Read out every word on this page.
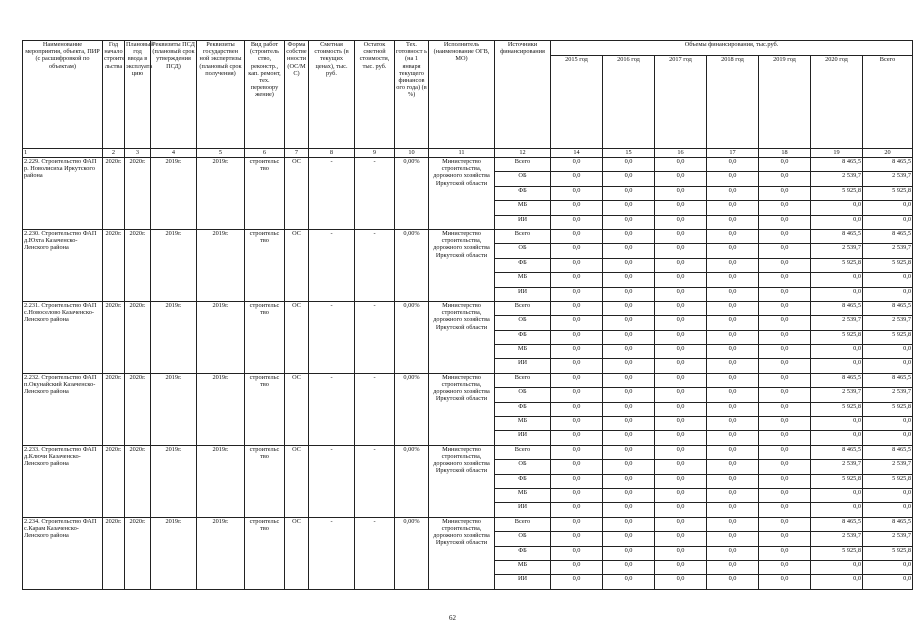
Наименование мероприятия, объекта, ПИР (с расшифровкой по объектам)	Год начало строите льства	Плановый год ввода в эксплуата цию	Реквизиты ПСД (плановый срок утверждения ПСД)	Реквизиты государствен ной экспертизы (плановый срок получения)	Вид работ (строитель ство, реконстр., кап. ремонт, тех. перевоору жение)	Форма собстве нности (ОС/М С)	Сметная стоимость (в текущих ценах), тыс. руб.	Остаток сметной стоимости, тыс. руб.	Тех. готовност ь (на 1 января текущего финансов ого года) (в %)	Исполнитель (наименование ОГВ, МО)	Источники финансирования	Объемы финансирования, тыс.руб.						
												2015 год	2016 год	2017 год	2018 год	2019 год	2020 год	Всего
1	2	3	4	5	6	7	8	9	10	11	12	14	15	16	17	18	19	20
2.229. Строительство ФАП р. Новолисиха Иркутского района	2020г.	2020г.	2019г.	2019г.	строительс тво	ОС	-	-	0,00%	Министерство строительства, дорожного хозяйства Иркутской области	Всего	0,0	0,0	0,0	0,0	0,0	8 465,5	8 465,5
											ОБ	0,0	0,0	0,0	0,0	0,0	2 539,7	2 539,7
											ФБ	0,0	0,0	0,0	0,0	0,0	5 925,8	5 925,8
											МБ	0,0	0,0	0,0	0,0	0,0	0,0	0,0
											ИИ	0,0	0,0	0,0	0,0	0,0	0,0	0,0
2.230. Строительство ФАП д.Юхта Казаченско-Ленского района	2020г.	2020г.	2019г.	2019г.	строительс тво	ОС	-	-	0,00%	Министерство строительства, дорожного хозяйства Иркутской области	Всего	0,0	0,0	0,0	0,0	0,0	8 465,5	8 465,5
											ОБ	0,0	0,0	0,0	0,0	0,0	2 539,7	2 539,7
											ФБ	0,0	0,0	0,0	0,0	0,0	5 925,8	5 925,8
											МБ	0,0	0,0	0,0	0,0	0,0	0,0	0,0
											ИИ	0,0	0,0	0,0	0,0	0,0	0,0	0,0
2.231. Строительство ФАП с.Новоселово Казаченско-Ленского района	2020г.	2020г.	2019г.	2019г.	строительс тво	ОС	-	-	0,00%	Министерство строительства, дорожного хозяйства Иркутской области	Всего	0,0	0,0	0,0	0,0	0,0	8 465,5	8 465,5
											ОБ	0,0	0,0	0,0	0,0	0,0	2 539,7	2 539,7
											ФБ	0,0	0,0	0,0	0,0	0,0	5 925,8	5 925,8
											МБ	0,0	0,0	0,0	0,0	0,0	0,0	0,0
											ИИ	0,0	0,0	0,0	0,0	0,0	0,0	0,0
2.232. Строительство ФАП п.Окунайский Казаченско-Ленского района	2020г.	2020г.	2019г.	2019г.	строительс тво	ОС	-	-	0,00%	Министерство строительства, дорожного хозяйства Иркутской области	Всего	0,0	0,0	0,0	0,0	0,0	8 465,5	8 465,5
											ОБ	0,0	0,0	0,0	0,0	0,0	2 539,7	2 539,7
											ФБ	0,0	0,0	0,0	0,0	0,0	5 925,8	5 925,8
											МБ	0,0	0,0	0,0	0,0	0,0	0,0	0,0
											ИИ	0,0	0,0	0,0	0,0	0,0	0,0	0,0
2.233. Строительство ФАП д.Ключи Казаченско-Ленского района	2020г.	2020г.	2019г.	2019г.	строительс тво	ОС	-	-	0,00%	Министерство строительства, дорожного хозяйства Иркутской области	Всего	0,0	0,0	0,0	0,0	0,0	8 465,5	8 465,5
											ОБ	0,0	0,0	0,0	0,0	0,0	2 539,7	2 539,7
											ФБ	0,0	0,0	0,0	0,0	0,0	5 925,8	5 925,8
											МБ	0,0	0,0	0,0	0,0	0,0	0,0	0,0
											ИИ	0,0	0,0	0,0	0,0	0,0	0,0	0,0
2.234. Строительство ФАП с.Карам Казаченско-Ленского района	2020г.	2020г.	2019г.	2019г.	строительс тво	ОС	-	-	0,00%	Министерство строительства, дорожного хозяйства Иркутской области	Всего	0,0	0,0	0,0	0,0	0,0	8 465,5	8 465,5
											ОБ	0,0	0,0	0,0	0,0	0,0	2 539,7	2 539,7
											ФБ	0,0	0,0	0,0	0,0	0,0	5 925,8	5 925,8
											МБ	0,0	0,0	0,0	0,0	0,0	0,0	0,0
											ИИ	0,0	0,0	0,0	0,0	0,0	0,0	0,0
62
